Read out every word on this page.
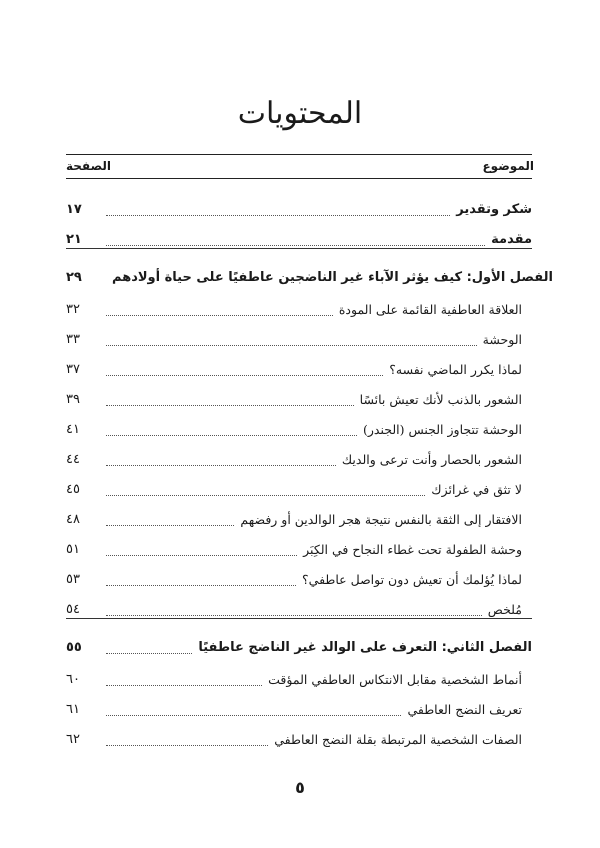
المحتويات
الموضوع
الصفحة
١٧	شكر وتقدير
٢١	مقدمة
٢٩	الفصل الأول: كيف يؤثر الآباء غير الناضجين عاطفيًا على حياة أولادهم
٣٢	العلاقة العاطفية القائمة على المودة
٣٣	الوحشة
٣٧	لماذا يكرر الماضي نفسه؟
٣٩	الشعور بالذنب لأنك تعيش بائسًا
٤١	الوحشة تتجاوز الجنس (الجندر)
٤٤	الشعور بالحصار وأنت ترعى والديك
٤٥	لا تثق في غرائزك
٤٨	الافتقار إلى الثقة بالنفس نتيجة هجر الوالدين أو رفضهم
٥١	وحشة الطفولة تحت غطاء النجاح في الكِبَر
٥٣	لماذا يُؤلمك أن تعيش دون تواصل عاطفي؟
٥٤	مُلخص
٥٥	الفصل الثاني: التعرف على الوالد غير الناضج عاطفيًا
٦٠	أنماط الشخصية مقابل الانتكاس العاطفي المؤقت
٦١	تعريف النضج العاطفي
٦٢	الصفات الشخصية المرتبطة بقلة النضج العاطفي
٥
